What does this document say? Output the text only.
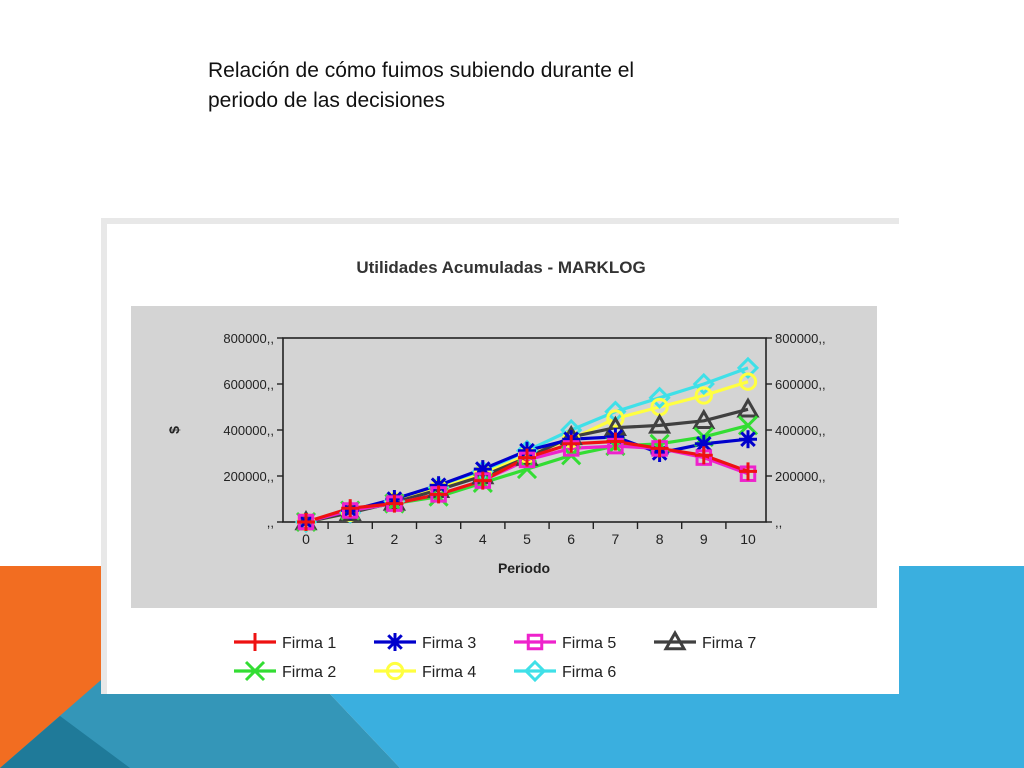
Relación de cómo fuimos subiendo durante el
periodo de las decisiones
Utilidades Acumuladas - MARKLOG
$
Periodo
800000,,	800000,,
600000,,	600000,,
400000,,	400000,,
200000,,	200000,,
,,	,,
0	1	2	3	4	5	6	7	8	9 10
Firma 1	Firma 3	Firma 5	Firma 7
Firma 2	Firma 4	Firma 6
